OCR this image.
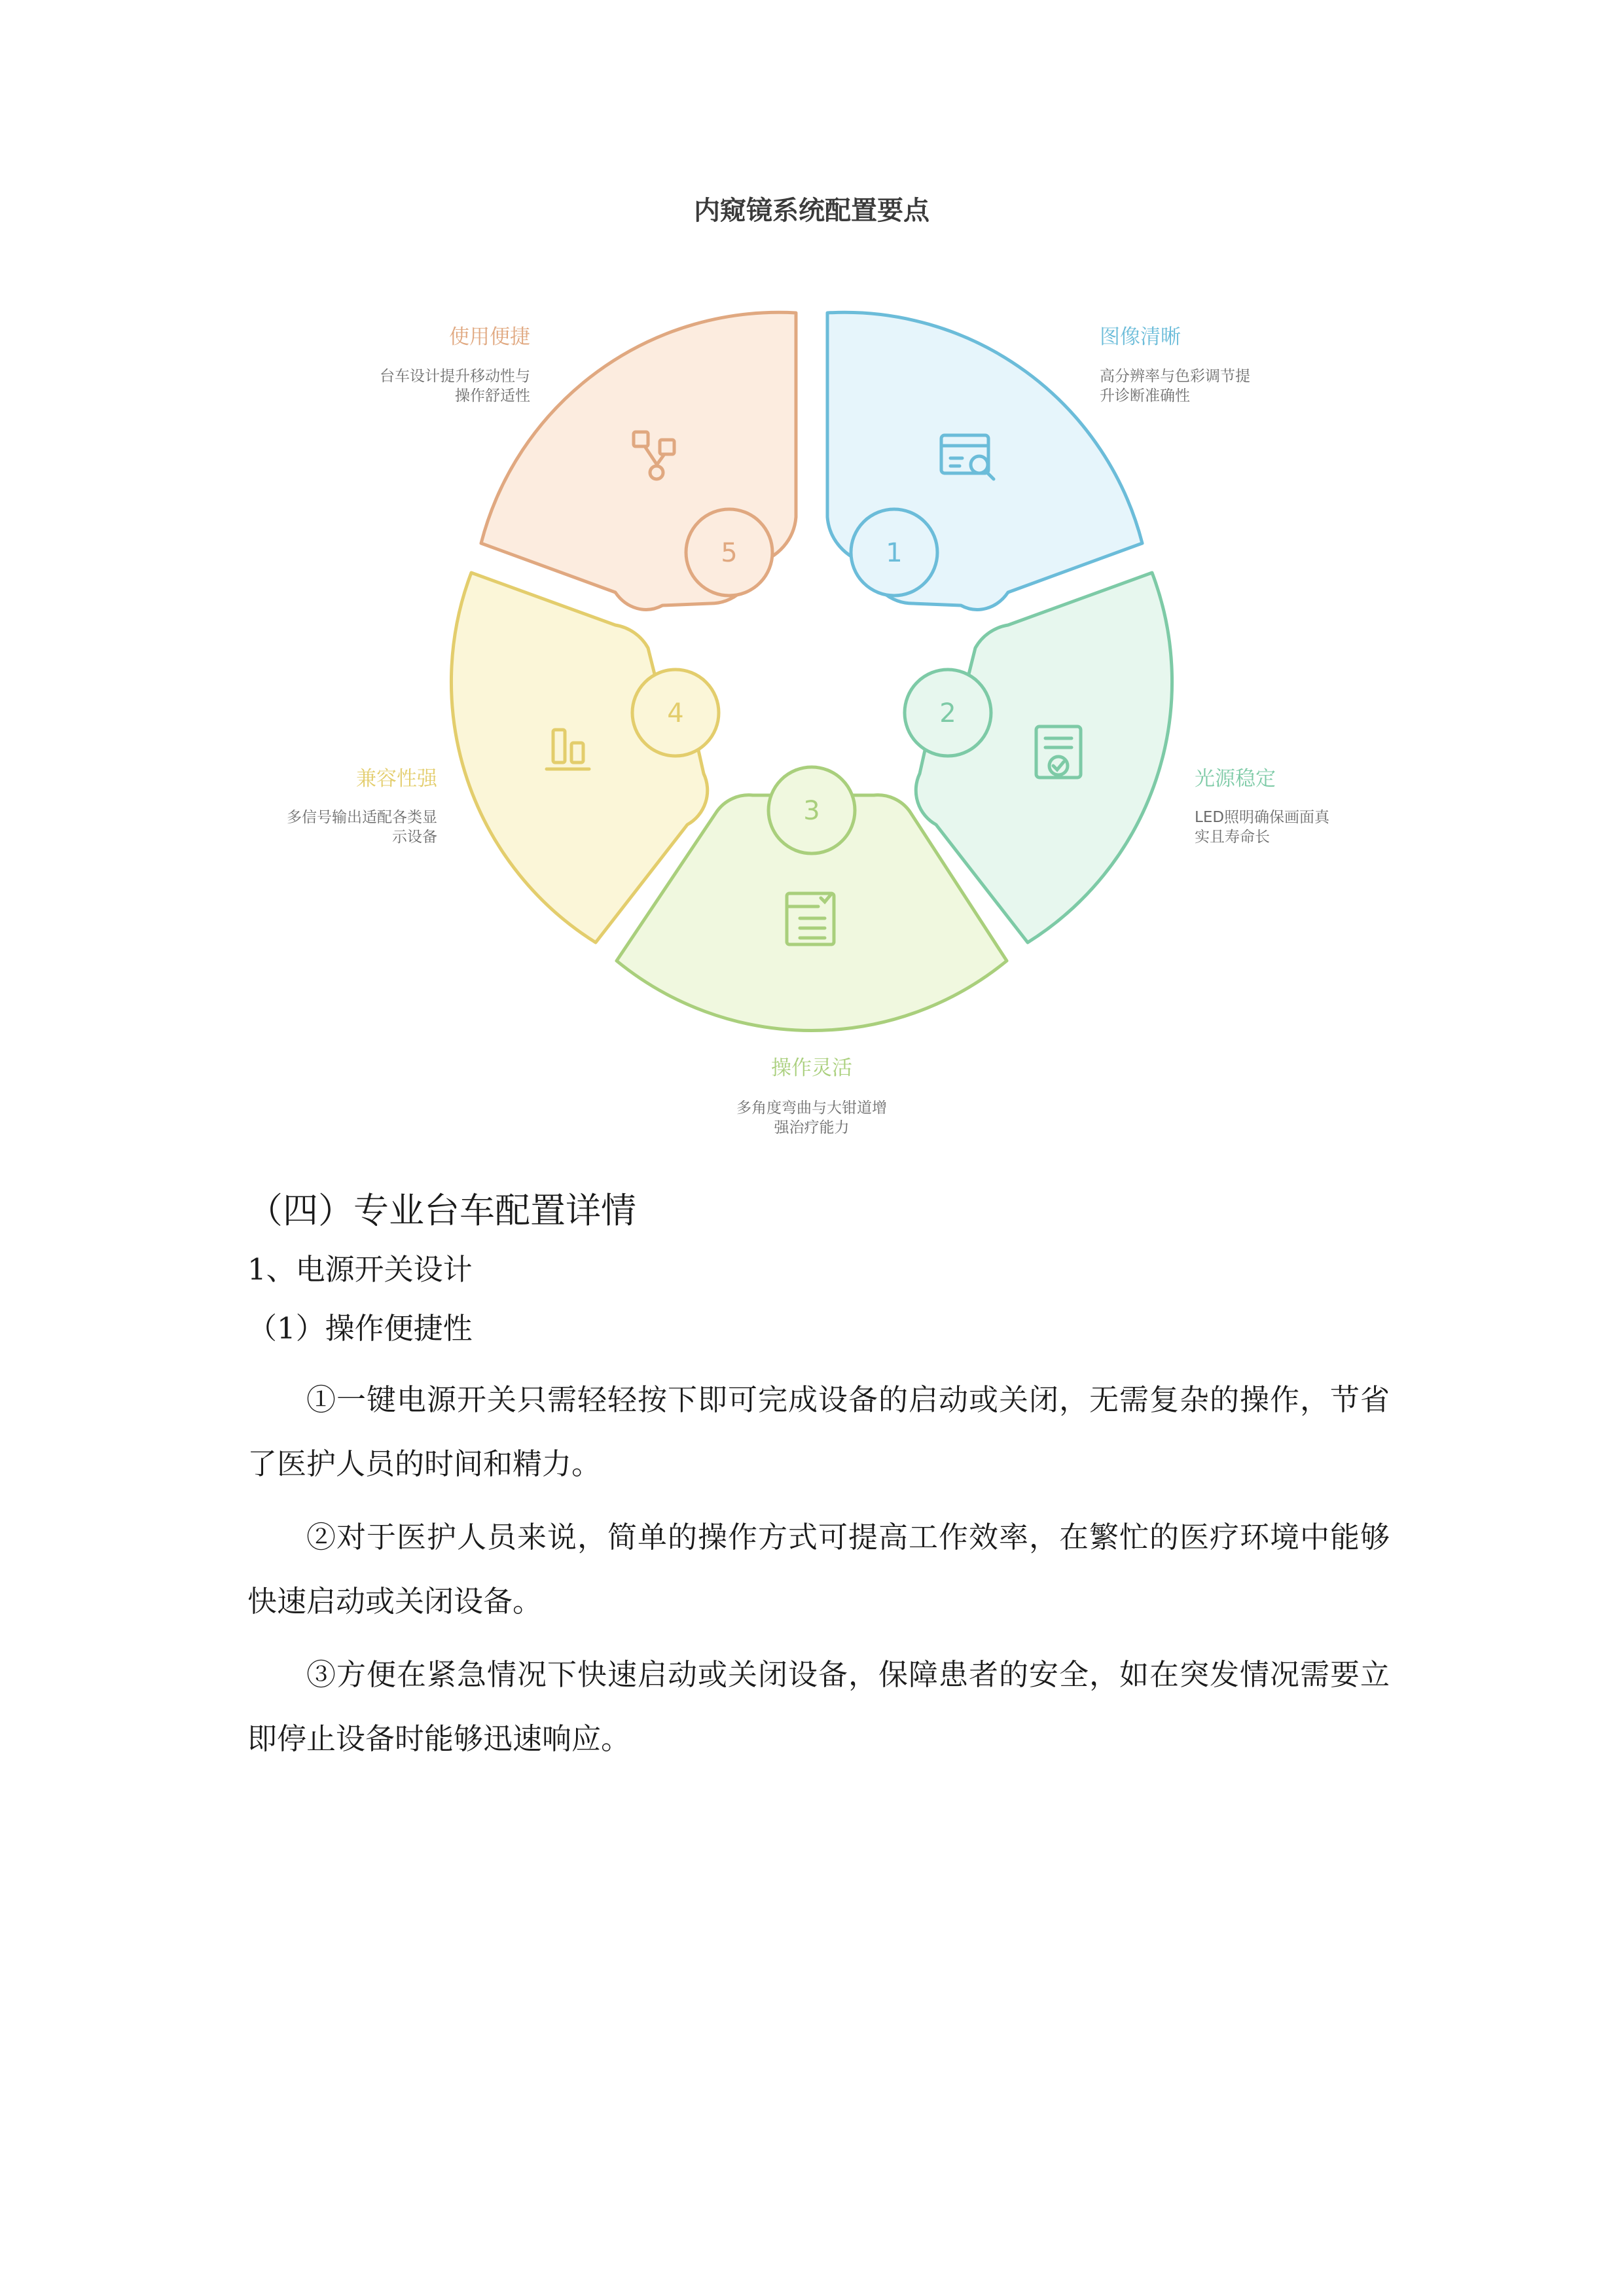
内窥镜系统配置要点
1
图像清晰
高分辨率与色彩调节提
升诊断准确性
2
光源稳定
LED照明确保画面真
实且寿命长
3
操作灵活
多角度弯曲与大钳道增
强治疗能力
4
兼容性强
多信号输出适配各类显
示设备
5
使用便捷
台车设计提升移动性与
操作舒适性
（四）专业台车配置详情
1、电源开关设计
（1）操作便捷性

①一键电源开关只需轻轻按下即可完成设备的启动或关闭，无需复杂的操作，节省了医护人员的时间和精力。

②对于医护人员来说，简单的操作方式可提高工作效率，在繁忙的医疗环境中能够快速启动或关闭设备。

③方便在紧急情况下快速启动或关闭设备，保障患者的安全，如在突发情况需要立即停止设备时能够迅速响应。
